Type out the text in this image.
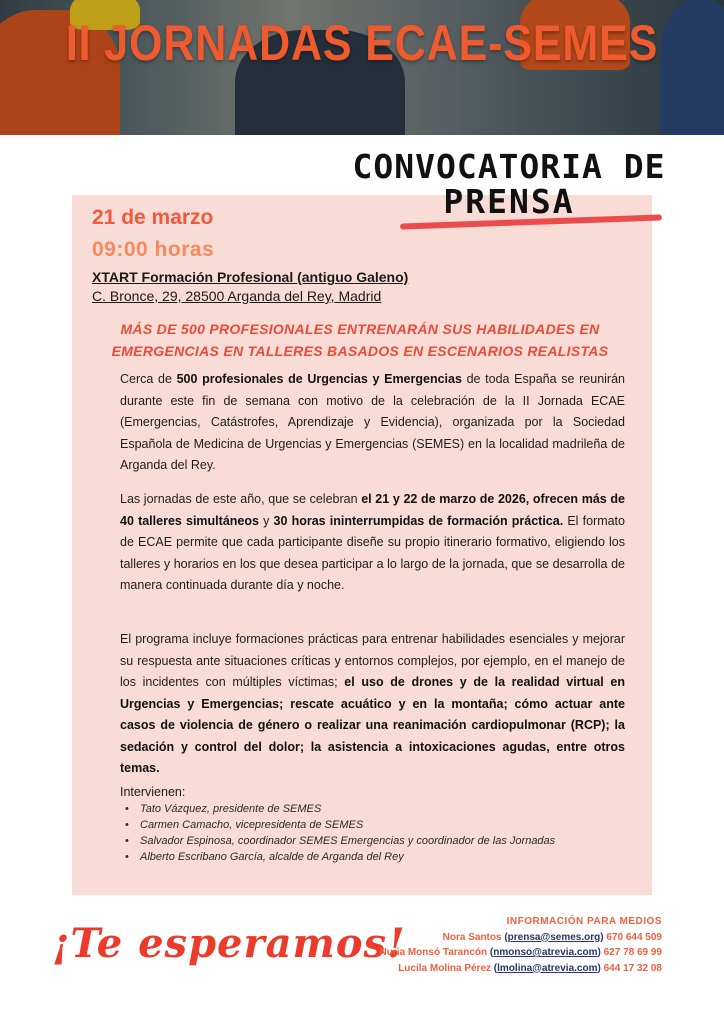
II JORNADAS ECAE-SEMES
CONVOCATORIA DE
PRENSA
21 de marzo
09:00 horas
XTART Formación Profesional (antiguo Galeno)
C. Bronce, 29, 28500 Arganda del Rey, Madrid
MÁS DE 500 PROFESIONALES ENTRENARÁN SUS HABILIDADES EN EMERGENCIAS EN TALLERES BASADOS EN ESCENARIOS REALISTAS
Cerca de 500 profesionales de Urgencias y Emergencias de toda España se reunirán durante este fin de semana con motivo de la celebración de la II Jornada ECAE (Emergencias, Catástrofes, Aprendizaje y Evidencia), organizada por la Sociedad Española de Medicina de Urgencias y Emergencias (SEMES) en la localidad madrileña de Arganda del Rey.
Las jornadas de este año, que se celebran el 21 y 22 de marzo de 2026, ofrecen más de 40 talleres simultáneos y 30 horas ininterrumpidas de formación práctica. El formato de ECAE permite que cada participante diseñe su propio itinerario formativo, eligiendo los talleres y horarios en los que desea participar a lo largo de la jornada, que se desarrolla de manera continuada durante día y noche.
El programa incluye formaciones prácticas para entrenar habilidades esenciales y mejorar su respuesta ante situaciones críticas y entornos complejos, por ejemplo, en el manejo de los incidentes con múltiples víctimas; el uso de drones y de la realidad virtual en Urgencias y Emergencias; rescate acuático y en la montaña; cómo actuar ante casos de violencia de género o realizar una reanimación cardiopulmonar (RCP); la sedación y control del dolor; la asistencia a intoxicaciones agudas, entre otros temas.
Intervienen:
• Tato Vázquez, presidente de SEMES
• Carmen Camacho, vicepresidenta de SEMES
• Salvador Espinosa, coordinador SEMES Emergencias y coordinador de las Jornadas
• Alberto Escribano García, alcalde de Arganda del Rey
¡Te esperamos!	INFORMACIÓN PARA MEDIOS
Nora Santos (prensa@semes.org) 670 644 509
Nuria Monsó Tarancón (nmonso@atrevia.com) 627 78 69 99
Lucila Molina Pérez (lmolina@atrevia.com) 644 17 32 08
